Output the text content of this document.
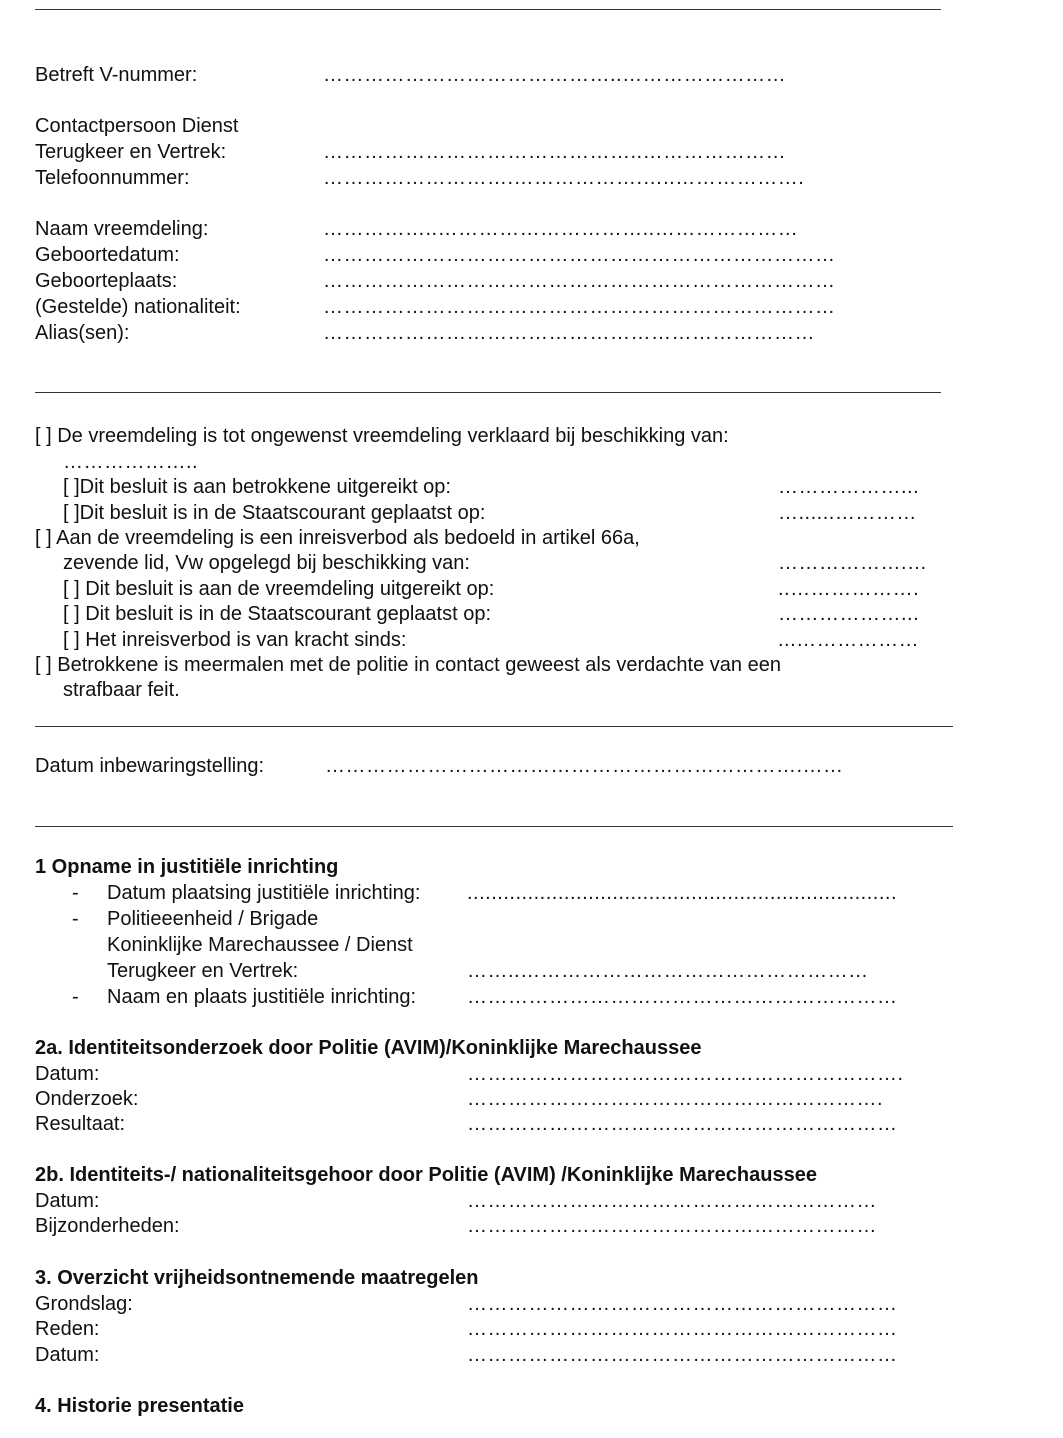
Betreft V-nummer:	……………………………………..……………………
Contactpersoon Dienst
Terugkeer en Vertrek:	………………………………………..…………………
Telefoonnummer:	……………………….……………….…..……………….
Naam vreemdeling:	……………..…………………………..…………………
Geboortedatum:	…………………………………………………………………
Geboorteplaats:	…………………………………………………………………
(Gestelde) nationaliteit:	…………………………………………………………………
Alias(sen):	………………………………………………………………
[ ] De vreemdeling is tot ongewenst vreemdeling verklaard bij beschikking van:
………………..
[ ]Dit besluit is aan betrokkene uitgereikt op:	………………...
[ ]Dit besluit is in de Staatscourant geplaatst op:	…......…………
[ ] Aan de vreemdeling is een inreisverbod als bedoeld in artikel 66a,
zevende lid, Vw opgelegd bij beschikking van:	……………….…
[ ] Dit besluit is aan de vreemdeling uitgereikt op:	..……………….
[ ] Dit besluit is in de Staatscourant geplaatst op:	………………...
[ ] Het inreisverbod is van kracht sinds:	...………………
[ ] Betrokkene is meermalen met de politie in contact geweest als verdachte van een
strafbaar feit.
Datum inbewaringstelling:	…………………………………………………………….……
1 Opname in justitiële inrichting
- Datum plaatsing justitiële inrichting: .......................................................................
- Politieeenheid / Brigade
Koninklijke Marechaussee / Dienst
Terugkeer en Vertrek:	……..……………………………………………
- Naam en plaats justitiële inrichting:	………………………………………………………
2a. Identiteitsonderzoek door Politie (AVIM)/Koninklijke Marechaussee
Datum:	……………………………………………………….
Onderzoek:	…………………………………………………….
Resultaat:	………………………………………………………
2b. Identiteits-/ nationaliteitsgehoor door Politie (AVIM) /Koninklijke Marechaussee
Datum:	……………………………………………………
Bijzonderheden:	……………………………………………………
3. Overzicht vrijheidsontnemende maatregelen
Grondslag:	………………………………………………………
Reden:	………………………………………………………
Datum:	………………………………………………………
4. Historie presentatie
